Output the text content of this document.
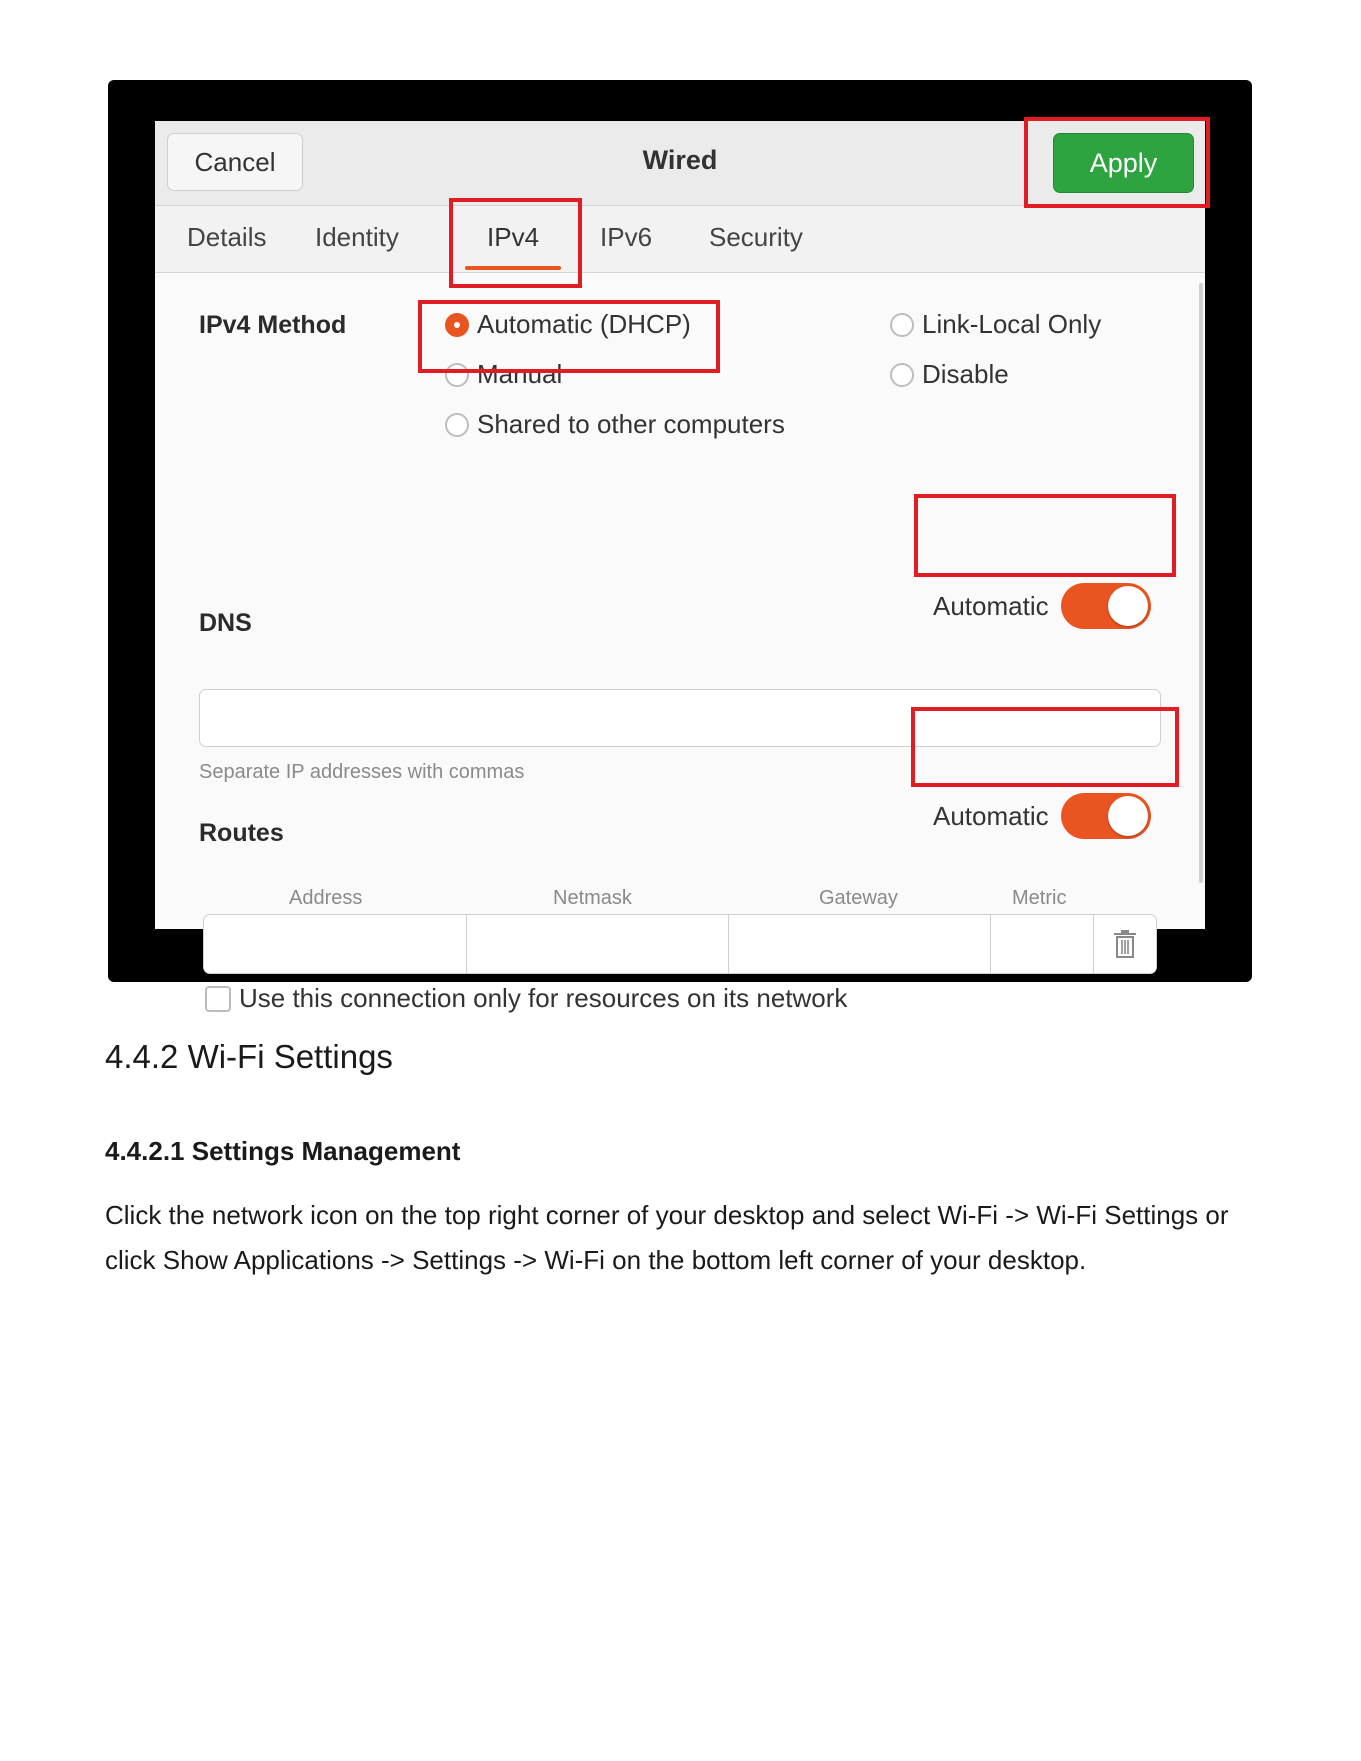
Cancel	Wired	Apply
Details Identity	IPv4 IPv6 Security
IPv4 Method	Automatic (DHCP)
Manual
Shared to other computers
Link-Local Only
Disable
DNS
Automatic
Separate IP addresses with commas
Routes
Automatic
Address	Netmask	Gateway	Metric
Use this connection only for resources on its network
4.4.2 Wi-Fi Settings
4.4.2.1 Settings Management

Click the network icon on the top right corner of your desktop and select Wi-Fi -> Wi-Fi Settings or click Show Applications -> Settings -> Wi-Fi on the bottom left corner of your desktop.
